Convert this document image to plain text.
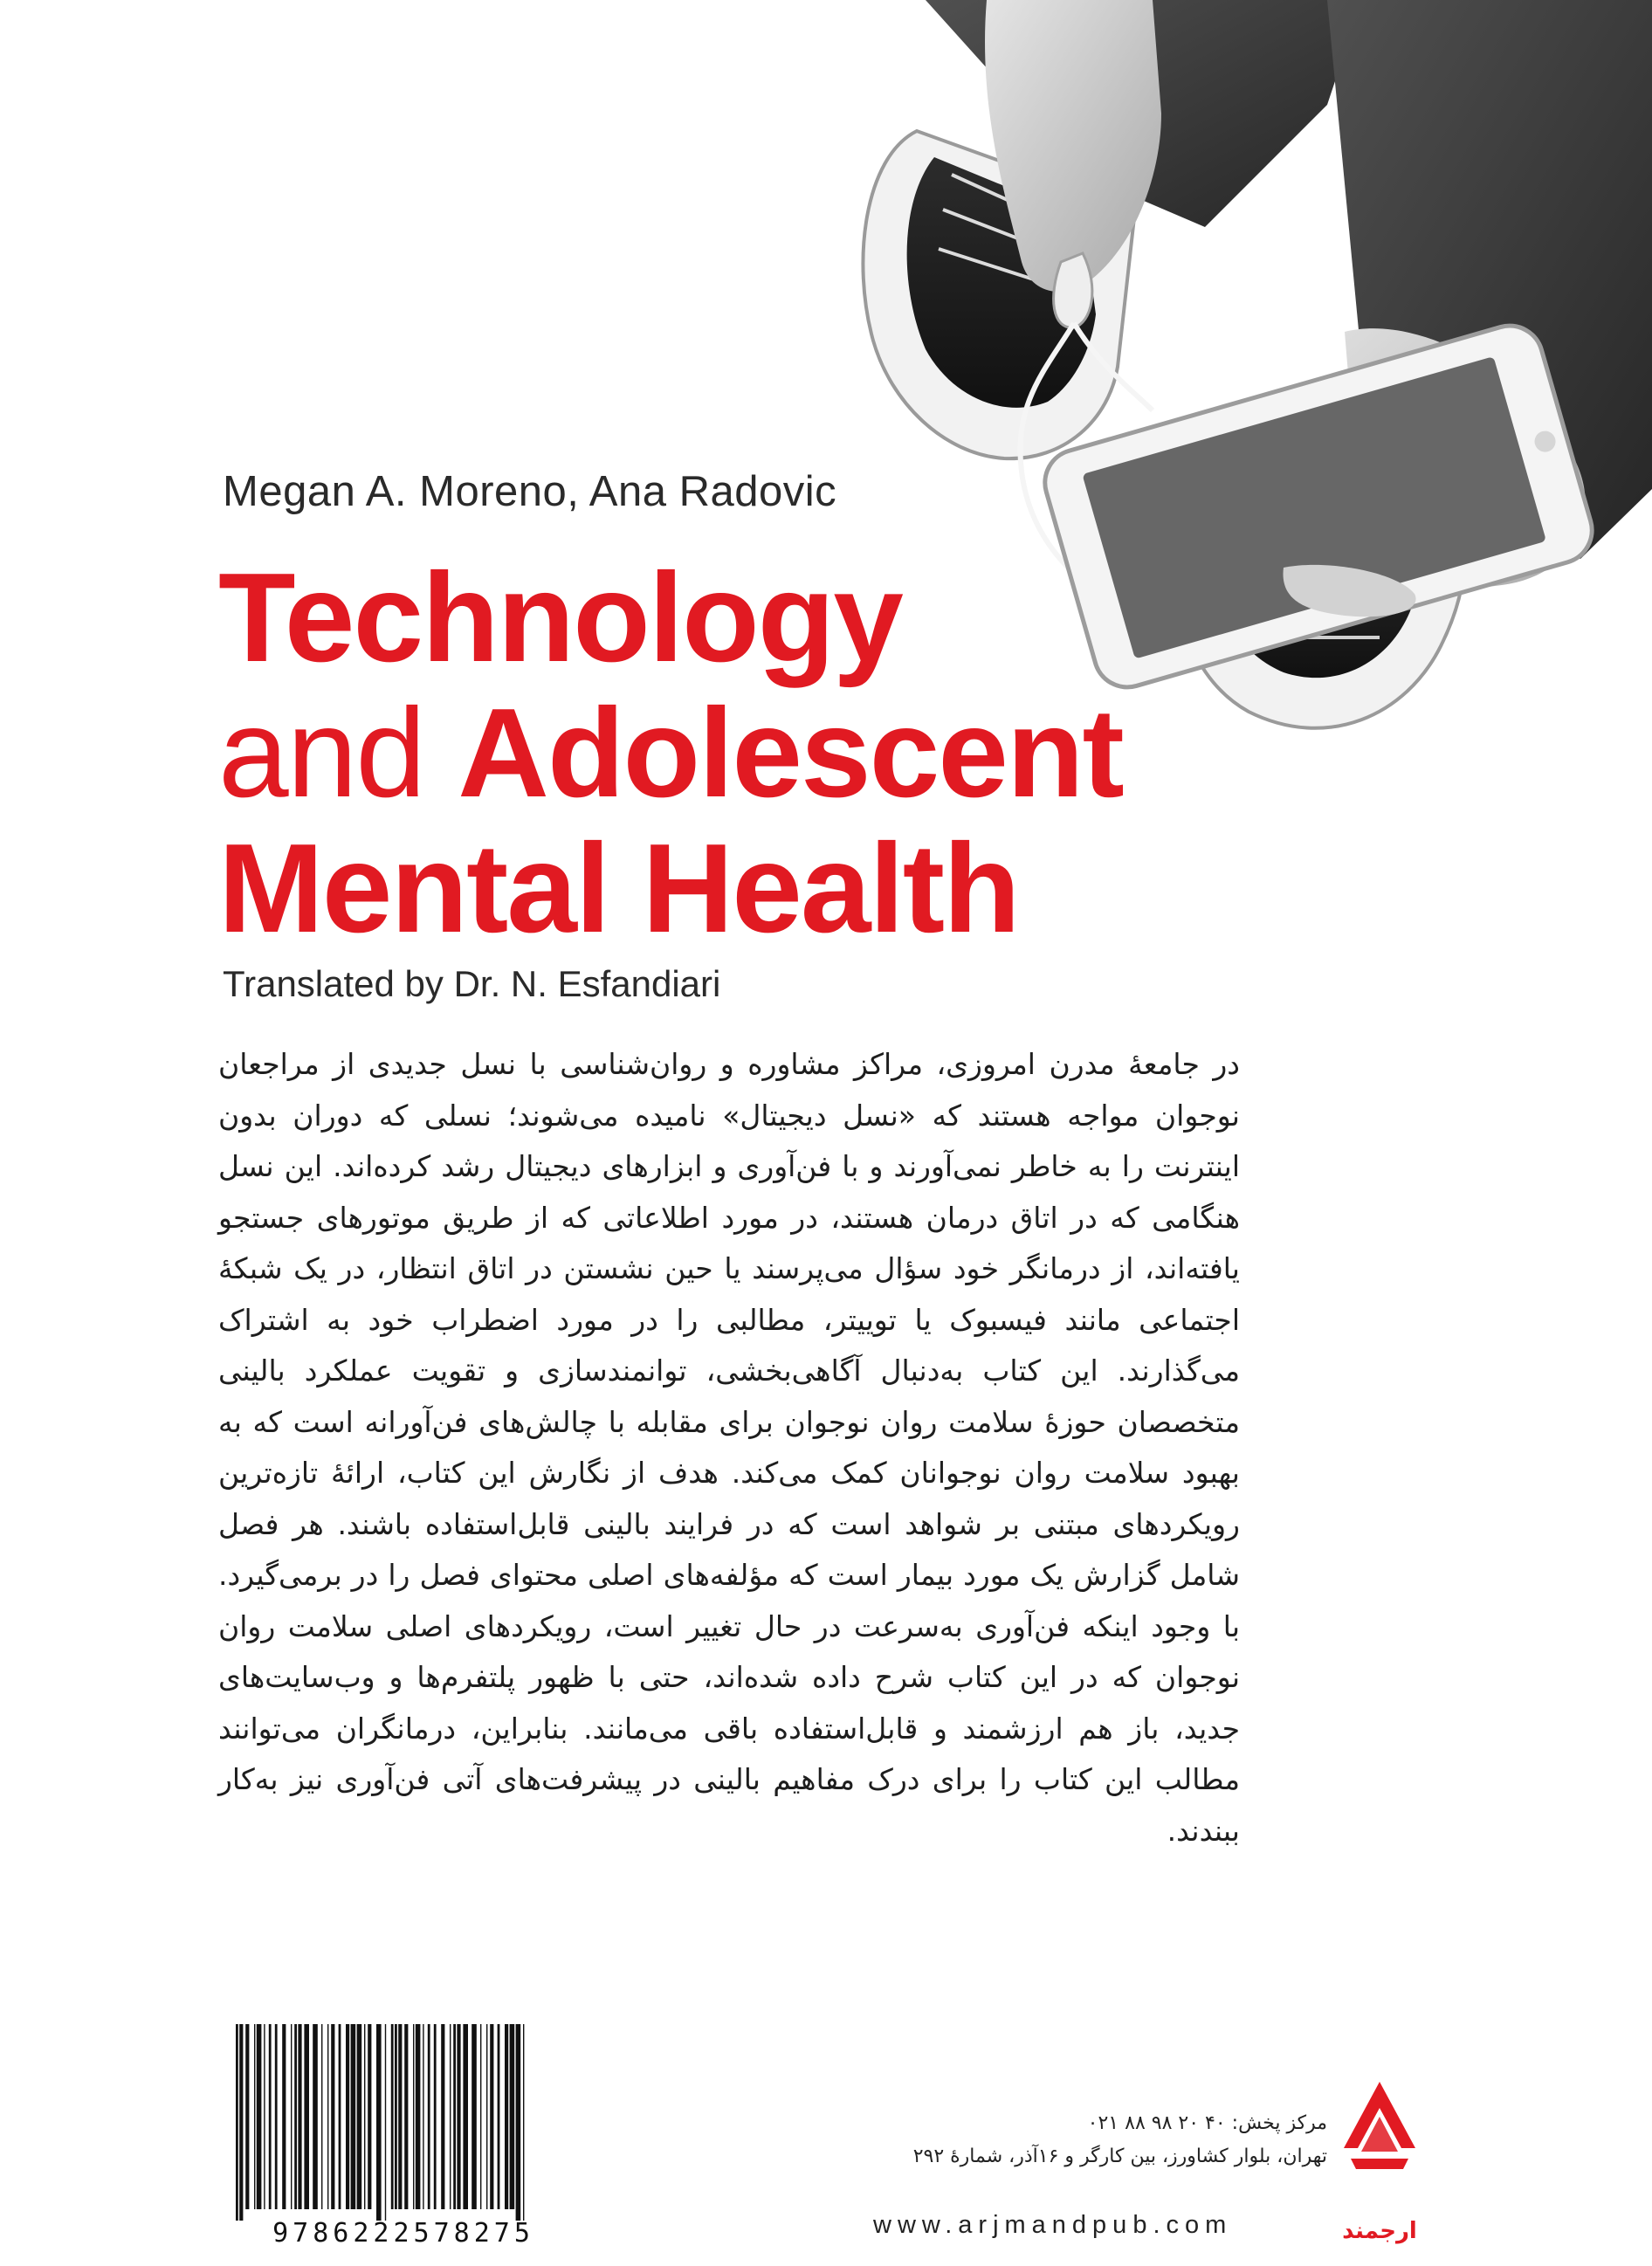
Megan A. Moreno, Ana Radovic
Technology
and Adolescent
Mental Health
Translated by Dr. N. Esfandiari
در جامعهٔ مدرن امروزی، مراکز مشاوره و روان‌شناسی با نسل جدیدی از مراجعان نوجوان مواجه هستند که «نسل دیجیتال» نامیده می‌شوند؛ نسلی که دوران بدون اینترنت را به خاطر نمی‌آورند و با فن‌آوری و ابزارهای دیجیتال رشد کرده‌اند. این نسل هنگامی که در اتاق درمان هستند، در مورد اطلاعاتی که از طریق موتورهای جستجو یافته‌اند، از درمانگر خود سؤال می‌پرسند یا حین نشستن در اتاق انتظار، در یک شبکهٔ اجتماعی مانند فیسبوک یا توییتر، مطالبی را در مورد اضطراب خود به اشتراک می‌گذارند. این کتاب به‌دنبال آگاهی‌بخشی، توانمندسازی و تقویت عملکرد بالینی متخصصان حوزهٔ سلامت روان نوجوان برای مقابله با چالش‌های فن‌آورانه است که به بهبود سلامت روان نوجوانان کمک می‌کند. هدف از نگارش این کتاب، ارائهٔ تازه‌ترین رویکردهای مبتنی بر شواهد است که در فرایند بالینی قابل‌استفاده باشند. هر فصل شامل گزارش یک مورد بیمار است که مؤلفه‌های اصلی محتوای فصل را در برمی‌گیرد. با وجود اینکه فن‌آوری به‌سرعت در حال تغییر است، رویکردهای اصلی سلامت روان نوجوان که در این کتاب شرح داده شده‌اند، حتی با ظهور پلتفرم‌ها و وب‌سایت‌های جدید، باز هم ارزشمند و قابل‌استفاده باقی می‌مانند. بنابراین، درمانگران می‌توانند مطالب این کتاب را برای درک مفاهیم بالینی در پیشرفت‌های آتی فن‌آوری نیز به‌کار ببندند.
9786222578275
مرکز پخش: ۴۰ ۲۰ ۹۸ ۸۸ ۰۲۱
تهران، بلوار کشاورز، بین کارگر و ۱۶آذر، شمارهٔ ۲۹۲
www.arjmandpub.com	ارجمند
